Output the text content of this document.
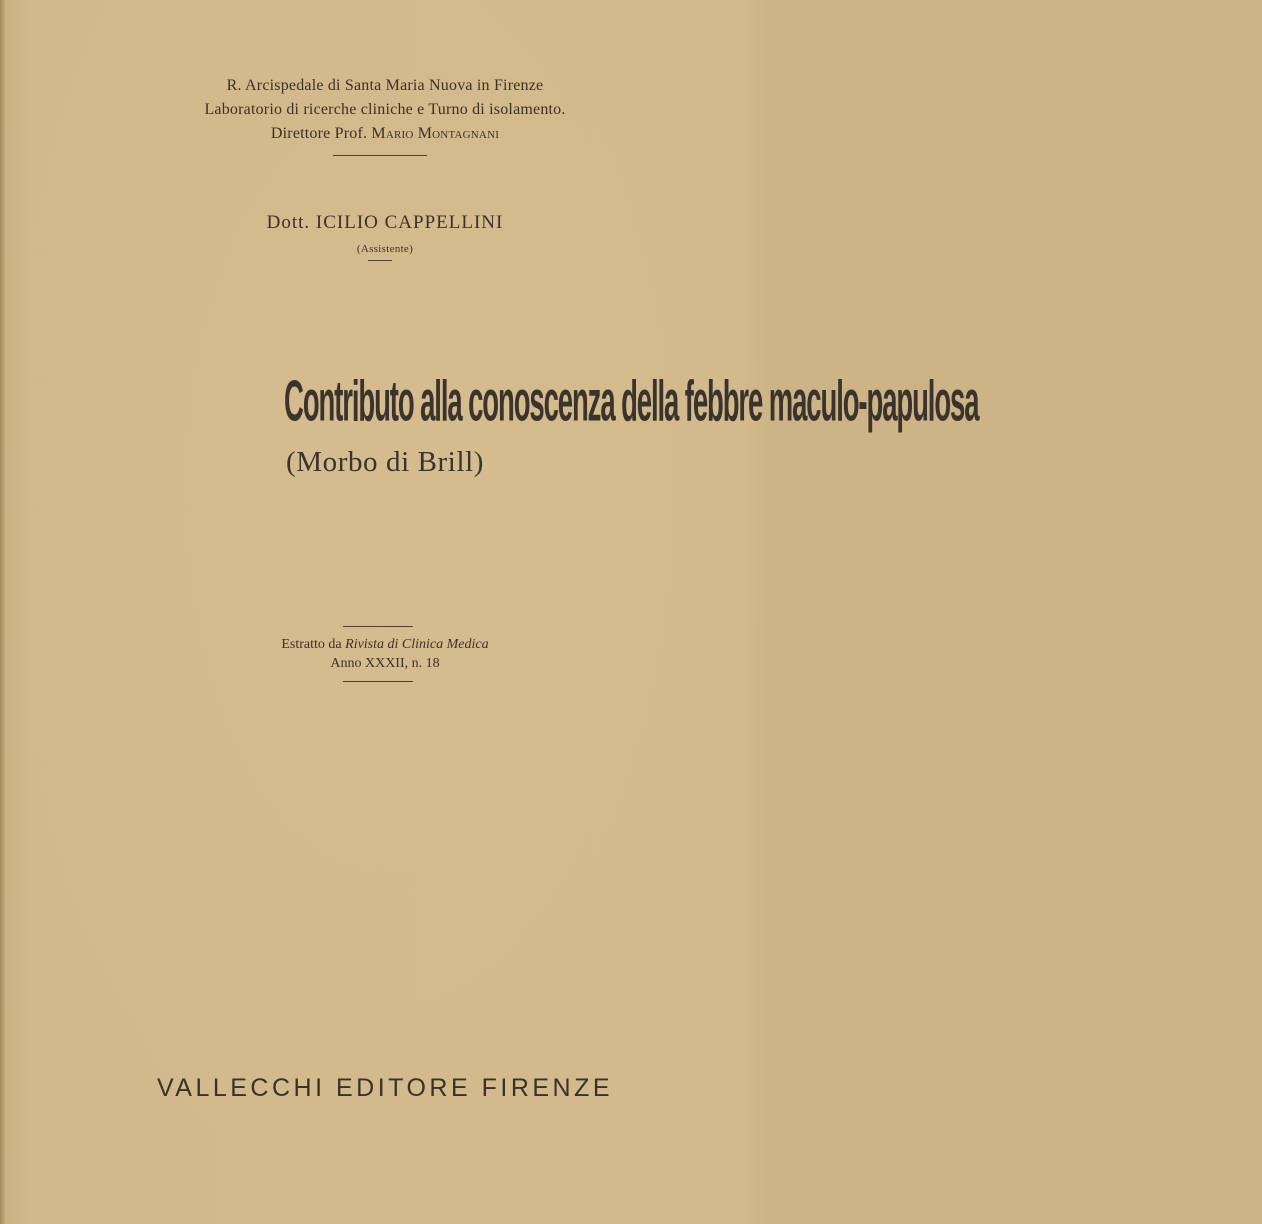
R. Arcispedale di Santa Maria Nuova in Firenze
Laboratorio di ricerche cliniche e Turno di isolamento.
Direttore Prof. Mario Montagnani
Dott. ICILIO CAPPELLINI
(Assistente)
Contributo alla conoscenza della febbre maculo-papulosa
(Morbo di Brill)
Estratto da Rivista di Clinica Medica
Anno XXXII, n. 18
VALLECCHI EDITORE FIRENZE
